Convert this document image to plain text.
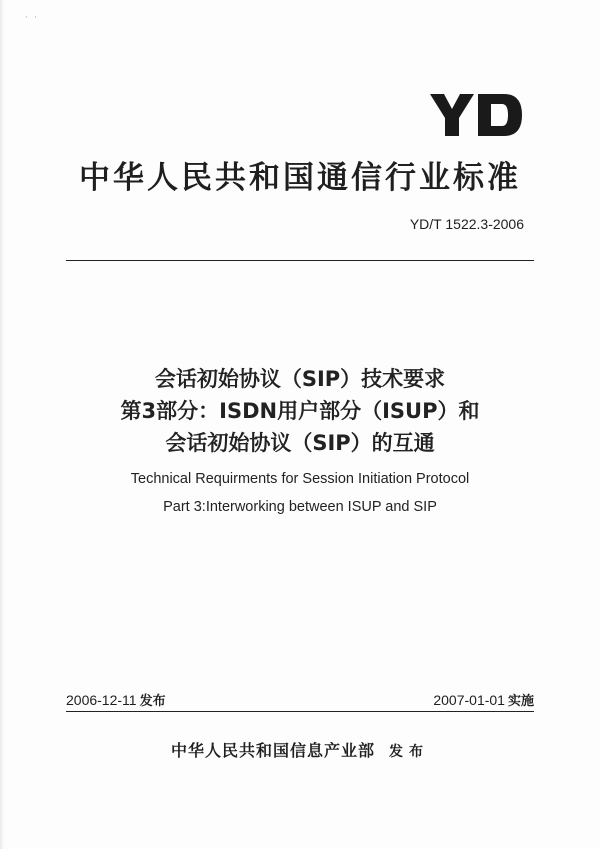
· ·
中华人民共和国通信行业标准
YD/T 1522.3-2006
会话初始协议（SIP）技术要求
第3部分：ISDN用户部分（ISUP）和
会话初始协议（SIP）的互通
Technical Requirments for Session Initiation Protocol
Part 3:Interworking between ISUP and SIP
2006-12-11 发布	2007-01-01 实施
中华人民共和国信息产业部 发布
